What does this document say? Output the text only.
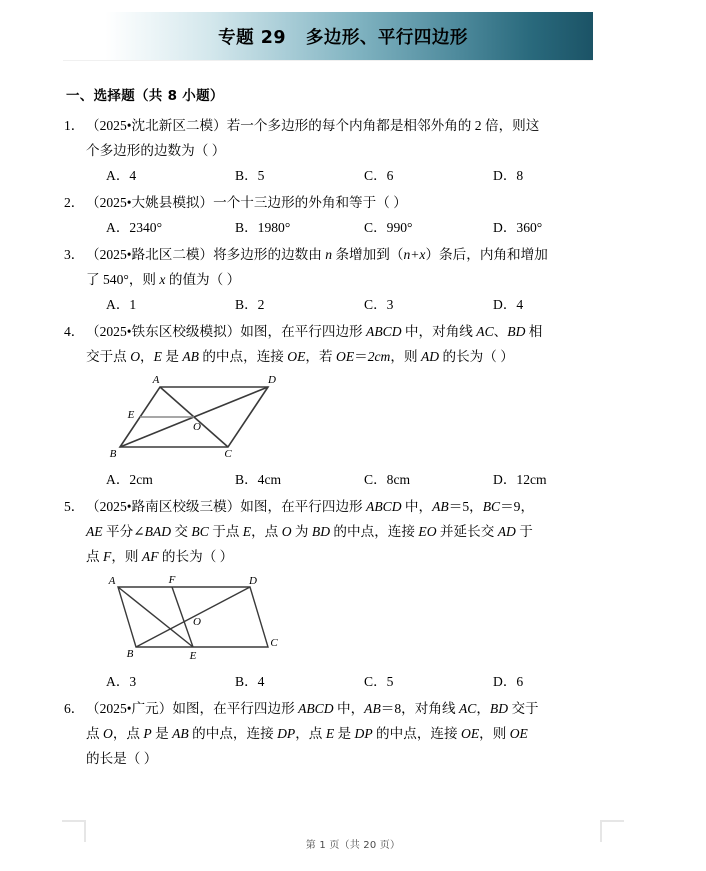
专题 29   多边形、平行四边形
一、选择题（共 8 小题）
1． （2025•沈北新区二模）若一个多边形的每个内角都是相邻外角的 2 倍，则这
个多边形的边数为（ ）
A．4	B．5	C．6	D．8
2． （2025•大姚县模拟）一个十三边形的外角和等于（ ）
A．2340°	B．1980°	C．990°	D．360°
3． （2025•路北区二模）将多边形的边数由 n 条增加到（n+x）条后，内角和增加
了 540°，则 x 的值为（ ）
A．1	B．2	C．3	D．4
4． （2025•铁东区校级模拟）如图，在平行四边形 ABCD 中，对角线 AC、BD 相
交于点 O，E 是 AB 的中点，连接 OE，若 OE＝2cm，则 AD 的长为（ ）
A	D
E
O
B	C
A．2cm	B．4cm	C．8cm	D．12cm
5． （2025•路南区校级三模）如图，在平行四边形 ABCD 中，AB＝5，BC＝9，
AE 平分∠BAD 交 BC 于点 E，点 O 为 BD 的中点，连接 EO 并延长交 AD 于
点 F，则 AF 的长为（ ）
A	F	D
O
B	E
C
A．3	B．4	C．5	D．6
6． （2025•广元）如图，在平行四边形 ABCD 中，AB＝8，对角线 AC，BD 交于
点 O，点 P 是 AB 的中点，连接 DP，点 E 是 DP 的中点，连接 OE，则 OE
的长是（ ）
第 1 页（共 20 页）
